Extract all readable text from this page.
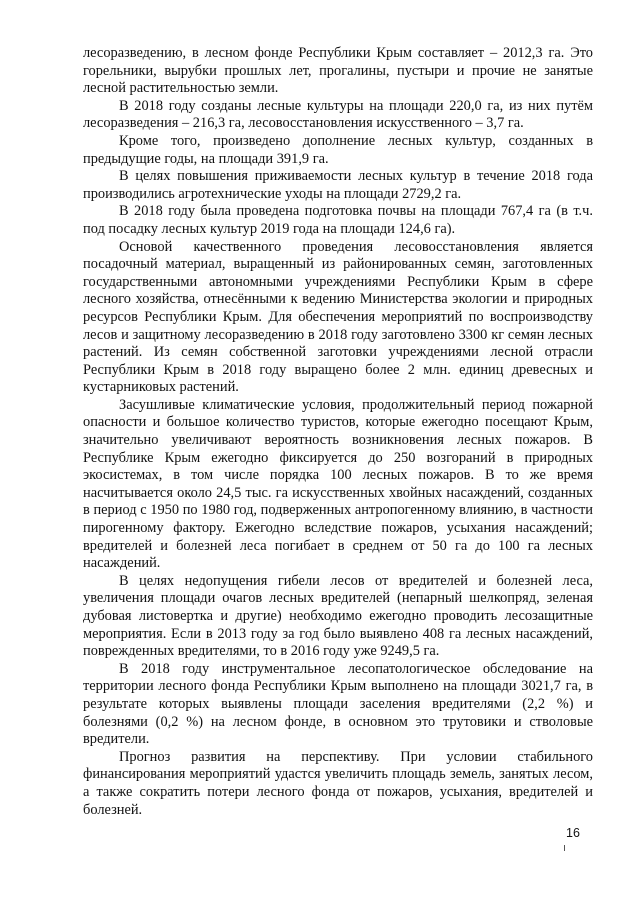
лесоразведению, в лесном фонде Республики Крым составляет – 2012,3 га. Это горельники, вырубки прошлых лет, прогалины, пустыри и прочие не занятые лесной растительностью земли.

В 2018 году созданы лесные культуры на площади 220,0 га, из них путём лесоразведения – 216,3 га, лесовосстановления искусственного – 3,7 га.

Кроме того, произведено дополнение лесных культур, созданных в предыдущие годы, на площади 391,9 га.

В целях повышения приживаемости лесных культур в течение 2018 года производились агротехнические уходы на площади 2729,2 га.

В 2018 году была проведена подготовка почвы на площади 767,4 га (в т.ч. под посадку лесных культур 2019 года на площади 124,6 га).

Основой качественного проведения лесовосстановления является посадочный материал, выращенный из районированных семян, заготовленных государственными автономными учреждениями Республики Крым в сфере лесного хозяйства, отнесёнными к ведению Министерства экологии и природных ресурсов Республики Крым. Для обеспечения мероприятий по воспроизводству лесов и защитному лесоразведению в 2018 году заготовлено 3300 кг семян лесных растений. Из семян собственной заготовки учреждениями лесной отрасли Республики Крым в 2018 году выращено более 2 млн. единиц древесных и кустарниковых растений.

Засушливые климатические условия, продолжительный период пожарной опасности и большое количество туристов, которые ежегодно посещают Крым, значительно увеличивают вероятность возникновения лесных пожаров. В Республике Крым ежегодно фиксируется до 250 возгораний в природных экосистемах, в том числе порядка 100 лесных пожаров. В то же время насчитывается около 24,5 тыс. га искусственных хвойных насаждений, созданных в период с 1950 по 1980 год, подверженных антропогенному влиянию, в частности пирогенному фактору. Ежегодно вследствие пожаров, усыхания насаждений; вредителей и болезней леса погибает в среднем от 50 га до 100 га лесных насаждений.

В целях недопущения гибели лесов от вредителей и болезней леса, увеличения площади очагов лесных вредителей (непарный шелкопряд, зеленая дубовая листовертка и другие) необходимо ежегодно проводить лесозащитные мероприятия. Если в 2013 году за год было выявлено 408 га лесных насаждений, поврежденных вредителями, то в 2016 году уже 9249,5 га.

В 2018 году инструментальное лесопатологическое обследование на территории лесного фонда Республики Крым выполнено на площади 3021,7 га, в результате которых выявлены площади заселения вредителями (2,2 %) и болезнями (0,2 %) на лесном фонде, в основном это трутовики и стволовые вредители.

Прогноз развития на перспективу. При условии стабильного финансирования мероприятий удастся увеличить площадь земель, занятых лесом, а также сократить потери лесного фонда от пожаров, усыхания, вредителей и болезней.

16
